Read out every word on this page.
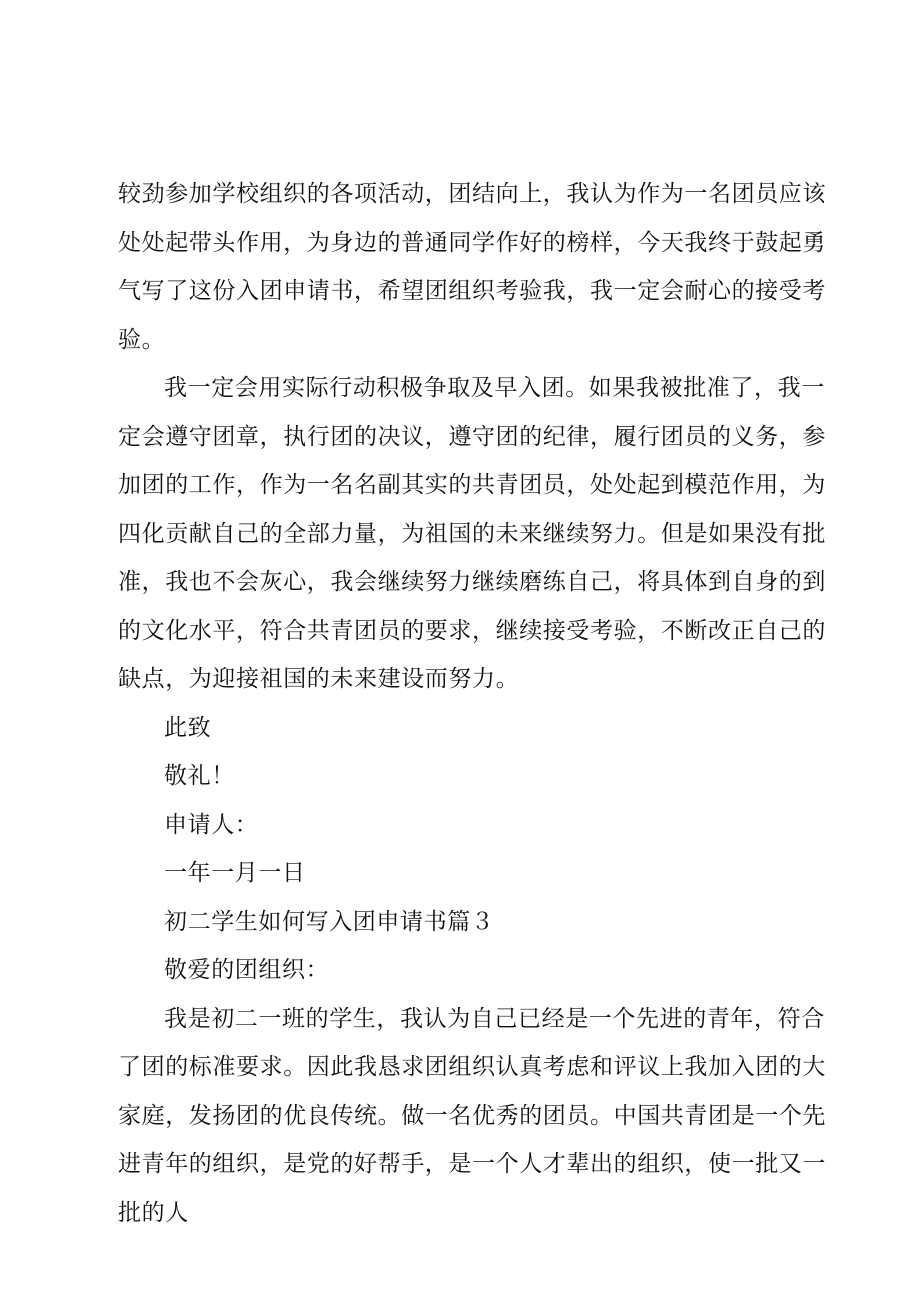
较劲参加学校组织的各项活动，团结向上，我认为作为一名团员应该处处起带头作用，为身边的普通同学作好的榜样，今天我终于鼓起勇气写了这份入团申请书，希望团组织考验我，我一定会耐心的接受考验。

我一定会用实际行动积极争取及早入团。如果我被批准了，我一定会遵守团章，执行团的决议，遵守团的纪律，履行团员的义务，参加团的工作，作为一名名副其实的共青团员，处处起到模范作用，为四化贡献自己的全部力量，为祖国的未来继续努力。但是如果没有批准，我也不会灰心，我会继续努力继续磨练自己，将具体到自身的到的文化水平，符合共青团员的要求，继续接受考验，不断改正自己的缺点，为迎接祖国的未来建设而努力。

此致

敬礼！

申请人：

一年一月一日

初二学生如何写入团申请书篇３

敬爱的团组织：

我是初二一班的学生，我认为自己已经是一个先进的青年，符合了团的标准要求。因此我恳求团组织认真考虑和评议上我加入团的大家庭，发扬团的优良传统。做一名优秀的团员。中国共青团是一个先进青年的组织，是党的好帮手，是一个人才辈出的组织，使一批又一批的人
